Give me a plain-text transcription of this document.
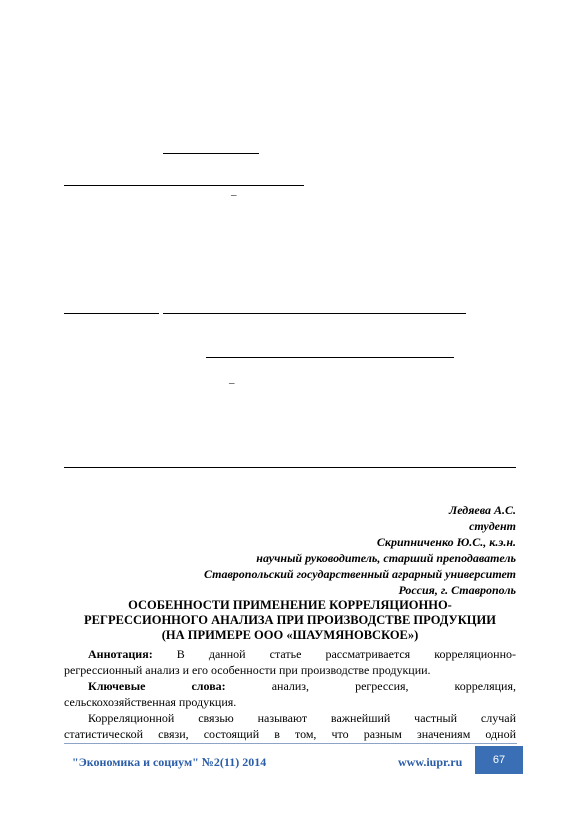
–
–
Ледяева А.С.
студент
Скрипниченко Ю.С., к.э.н.
научный руководитель, старший преподаватель
Ставропольский государственный аграрный университет
Россия, г. Ставрополь
ОСОБЕННОСТИ ПРИМЕНЕНИЕ КОРРЕЛЯЦИОННО-
РЕГРЕССИОННОГО АНАЛИЗА ПРИ ПРОИЗВОДСТВЕ ПРОДУКЦИИ
(НА ПРИМЕРЕ ООО «ШАУМЯНОВСКОЕ»)
Аннотация: В данной статье рассматривается корреляционно-
регрессионный анализ и его особенности при производстве продукции.
Ключевые	слова:	анализ,	регрессия,	корреляция,
сельскохозяйственная продукция.
Корреляционной связью называют важнейший частный случай
статистической связи, состоящий в том, что разным значениям одной
"Экономика и социум" №2(11) 2014	www.iupr.ru	67
